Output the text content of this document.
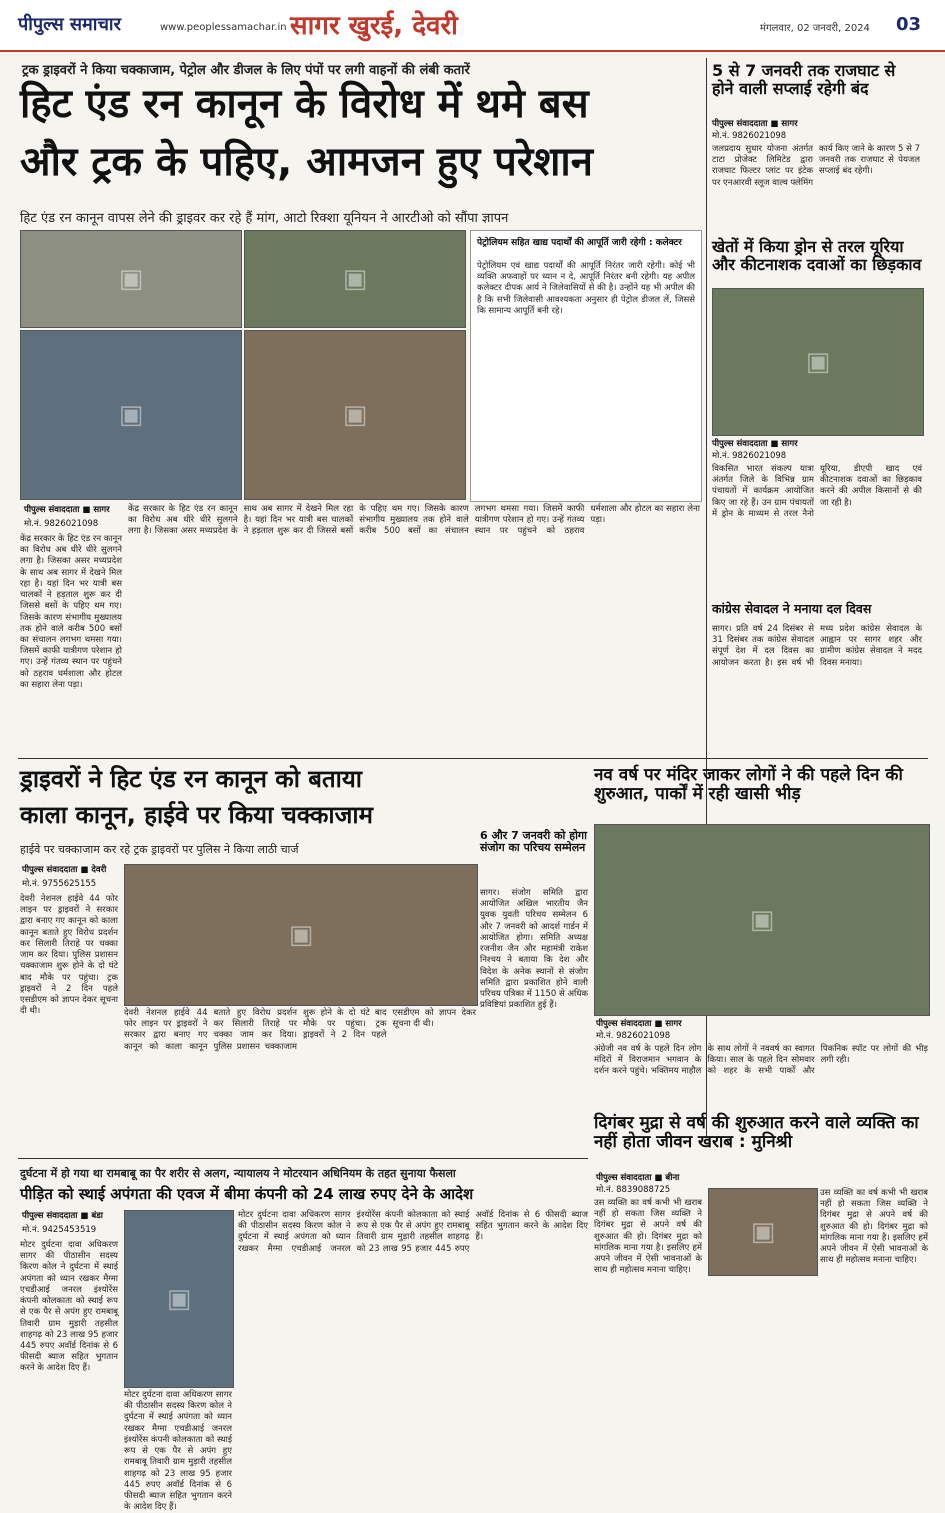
पीपुल्स समाचार	www.peoplessamachar.in सागर खुरई, देवरी	मंगलवार, 02 जनवरी, 2024 03
ट्रक ड्राइवरों ने किया चक्काजाम, पेट्रोल और डीजल के लिए पंपों पर लगी वाहनों की लंबी कतारें
हिट एंड रन कानून के विरोध में थमे बस
और ट्रक के पहिए, आमजन हुए परेशान
हिट एंड रन कानून वापस लेने की ड्राइवर कर रहे हैं मांग, आटो रिक्शा यूनियन ने आरटीओ को सौंपा ज्ञापन
▣	▣
▣	▣
पीपुल्स संवाददाता ■ सागर
मो.नं. 9826021098
केंद्र सरकार के हिट एंड रन कानून का विरोध अब धीरे धीरे सुलगने लगा है। जिसका असर मध्यप्रदेश के साथ अब सागर में देखने मिल रहा है। यहां दिन भर यात्री बस चालकों ने हड़ताल शुरू कर दी जिससे बसों के पहिए थम गए। जिसके कारण संभागीय मुख्यालय तक होने वाले करीब 500 बसों का संचालन लगभग थमसा गया। जिसमें काफी यात्रीगण परेशान हो गए। उन्हें गंतव्य स्थान पर पहुंचने को ठहराव धर्मशाला और होटल का सहारा लेना पड़ा।
केंद्र सरकार के हिट एंड रन कानून का विरोध अब धीरे धीरे सुलगने लगा है। जिसका असर मध्यप्रदेश के साथ अब सागर में देखने मिल रहा है। यहां दिन भर यात्री बस चालकों ने हड़ताल शुरू कर दी जिससे बसों के पहिए थम गए। जिसके कारण संभागीय मुख्यालय तक होने वाले करीब 500 बसों का संचालन लगभग थमसा गया। जिसमें काफी यात्रीगण परेशान हो गए। उन्हें गंतव्य स्थान पर पहुंचने को ठहराव धर्मशाला और होटल का सहारा लेना पड़ा।
पेट्रोलियम सहित खाद्य पदार्थों की आपूर्ति जारी रहेगी : कलेक्टर
पेट्रोलियम एवं खाद्य पदार्थों की आपूर्ति निरंतर जारी रहेगी। कोई भी व्यक्ति अफवाहों पर ध्यान न दे, आपूर्ति निरंतर बनी रहेगी। यह अपील कलेक्टर दीपक आर्य ने जिलेवासियों से की है। उन्होंने यह भी अपील की है कि सभी जिलेवासी आवश्यकता अनुसार ही पेट्रोल डीजल लें, जिससे कि सामान्य आपूर्ति बनी रहे।
5 से 7 जनवरी तक राजघाट से होने वाली सप्लाई रहेगी बंद
पीपुल्स संवाददाता ■ सागर
मो.नं. 9826021098
जलप्रदाय सुधार योजना अंतर्गत टाटा प्रोजेक्ट लिमिटेड द्वारा राजघाट फिल्टर प्लांट पर इंटेक पर एनआरवी स्लूज वाल्व फ्लेमिंग कार्य किए जाने के कारण 5 से 7 जनवरी तक राजघाट से पेयजल सप्लाई बंद रहेगी।
खेतों में किया ड्रोन से तरल यूरिया और कीटनाशक दवाओं का छिड़काव
▣
पीपुल्स संवाददाता ■ सागर
मो.नं. 9826021098
विकसित भारत संकल्प यात्रा अंतर्गत जिले के विभिन्न ग्राम पंचायतों में कार्यक्रम आयोजित किए जा रहे हैं। उन ग्राम पंचायतों में ड्रोन के माध्यम से तरल नैनो यूरिया, डीएपी खाद एवं कीटनाशक दवाओं का छिड़काव करने की अपील किसानों से की जा रही है।
कांग्रेस सेवादल ने मनाया दल दिवस
सागर। प्रति वर्ष 24 दिसंबर से 31 दिसंबर तक कांग्रेस सेवादल संपूर्ण देश में दल दिवस का आयोजन करता है। इस वर्ष भी मध्य प्रदेश कांग्रेस सेवादल के आह्वान पर सागर शहर और ग्रामीण कांग्रेस सेवादल ने मदद दिवस मनाया।
ड्राइवरों ने हिट एंड रन कानून को बताया
काला कानून, हाईवे पर किया चक्काजाम
हाईवे पर चक्काजाम कर रहे ट्रक ड्राइवरों पर पुलिस ने किया लाठी चार्ज
पीपुल्स संवाददाता ■ देवरी
मो.नं. 9755625155
देवरी नेशनल हाईवे 44 फोर लाइन पर ड्राइवरों ने सरकार द्वारा बनाए गए कानून को काला कानून बताते हुए विरोध प्रदर्शन कर सिलारी तिराहे पर चक्का जाम कर दिया। पुलिस प्रशासन चक्काजाम शुरू होने के दो घंटे बाद मौके पर पहुंचा। ट्रक ड्राइवरों ने 2 दिन पहले एसडीएम को ज्ञापन देकर सूचना दी थी।
▣
देवरी नेशनल हाईवे 44 फोर लाइन पर ड्राइवरों ने सरकार द्वारा बनाए गए कानून को काला कानून बताते हुए विरोध प्रदर्शन कर सिलारी तिराहे पर चक्का जाम कर दिया। पुलिस प्रशासन चक्काजाम शुरू होने के दो घंटे बाद मौके पर पहुंचा। ट्रक ड्राइवरों ने 2 दिन पहले एसडीएम को ज्ञापन देकर सूचना दी थी।
6 और 7 जनवरी को होगा संजोग का परिचय सम्मेलन
सागर। संजोग समिति द्वारा आयोजित अखिल भारतीय जैन युवक युवती परिचय सम्मेलन 6 और 7 जनवरी को आदर्श गार्डन में आयोजित होगा। समिति अध्यक्ष रजनीश जैन और महामंत्री राकेश निश्चय ने बताया कि देश और विदेश के अनेक स्थानों से संजोग समिति द्वारा प्रकाशित होने वाली परिचय पत्रिका में 1150 से अधिक प्रविष्टियां प्रकाशित हुई हैं।
नव वर्ष पर मंदिर जाकर लोगों ने की पहले दिन की शुरुआत, पार्कों में रही खासी भीड़
▣
पीपुल्स संवाददाता ■ सागर
मो.नं. 9826021098
अंग्रेजी नव वर्ष के पहले दिन लोग मंदिरों में विराजमान भगवान के दर्शन करने पहुंचे। भक्तिमय माहौल के साथ लोगों ने नववर्ष का स्वागत किया। साल के पहले दिन सोमवार को शहर के सभी पार्कों और पिकनिक स्पॉट पर लोगों की भीड़ लगी रही।
दिगंबर मुद्रा से वर्ष की शुरुआत करने वाले व्यक्ति का नहीं होता जीवन खराब : मुनिश्री
पीपुल्स संवाददाता ■ बीना
मो.नं. 8839088725
▣
उस व्यक्ति का वर्ष कभी भी खराब नहीं हो सकता जिस व्यक्ति ने दिगंबर मुद्रा से अपने वर्ष की शुरुआत की हो। दिगंबर मुद्रा को मांगलिक माना गया है। इसलिए हमें अपने जीवन में ऐसी भावनाओं के साथ ही महोत्सव मनाना चाहिए।
उस व्यक्ति का वर्ष कभी भी खराब नहीं हो सकता जिस व्यक्ति ने दिगंबर मुद्रा से अपने वर्ष की शुरुआत की हो। दिगंबर मुद्रा को मांगलिक माना गया है। इसलिए हमें अपने जीवन में ऐसी भावनाओं के साथ ही महोत्सव मनाना चाहिए।
दुर्घटना में हो गया था रामबाबू का पैर शरीर से अलग, न्यायालय ने मोटरयान अधिनियम के तहत सुनाया फैसला
पीड़ित को स्थाई अपंगता की एवज में बीमा कंपनी को 24 लाख रुपए देने के आदेश
पीपुल्स संवाददाता ■ बंडा
मो.नं. 9425453519
मोटर दुर्घटना दावा अधिकरण सागर की पीठासीन सदस्य किरण कोल ने दुर्घटना में स्थाई अपंगता को ध्यान रखकर मैग्मा एचडीआई जनरल इंश्योरेंस कंपनी कोलकाता को स्थाई रूप से एक पैर से अपंग हुए रामबाबू तिवारी ग्राम मुड़ारी तहसील शाहगढ़ को 23 लाख 95 हजार 445 रुपए अवॉर्ड दिनांक से 6 फीसदी ब्याज सहित भुगतान करने के आदेश दिए हैं।
▣
मोटर दुर्घटना दावा अधिकरण सागर की पीठासीन सदस्य किरण कोल ने दुर्घटना में स्थाई अपंगता को ध्यान रखकर मैग्मा एचडीआई जनरल इंश्योरेंस कंपनी कोलकाता को स्थाई रूप से एक पैर से अपंग हुए रामबाबू तिवारी ग्राम मुड़ारी तहसील शाहगढ़ को 23 लाख 95 हजार 445 रुपए अवॉर्ड दिनांक से 6 फीसदी ब्याज सहित भुगतान करने के आदेश दिए हैं।
मोटर दुर्घटना दावा अधिकरण सागर की पीठासीन सदस्य किरण कोल ने दुर्घटना में स्थाई अपंगता को ध्यान रखकर मैग्मा एचडीआई जनरल इंश्योरेंस कंपनी कोलकाता को स्थाई रूप से एक पैर से अपंग हुए रामबाबू तिवारी ग्राम मुड़ारी तहसील शाहगढ़ को 23 लाख 95 हजार 445 रुपए अवॉर्ड दिनांक से 6 फीसदी ब्याज सहित भुगतान करने के आदेश दिए हैं।
